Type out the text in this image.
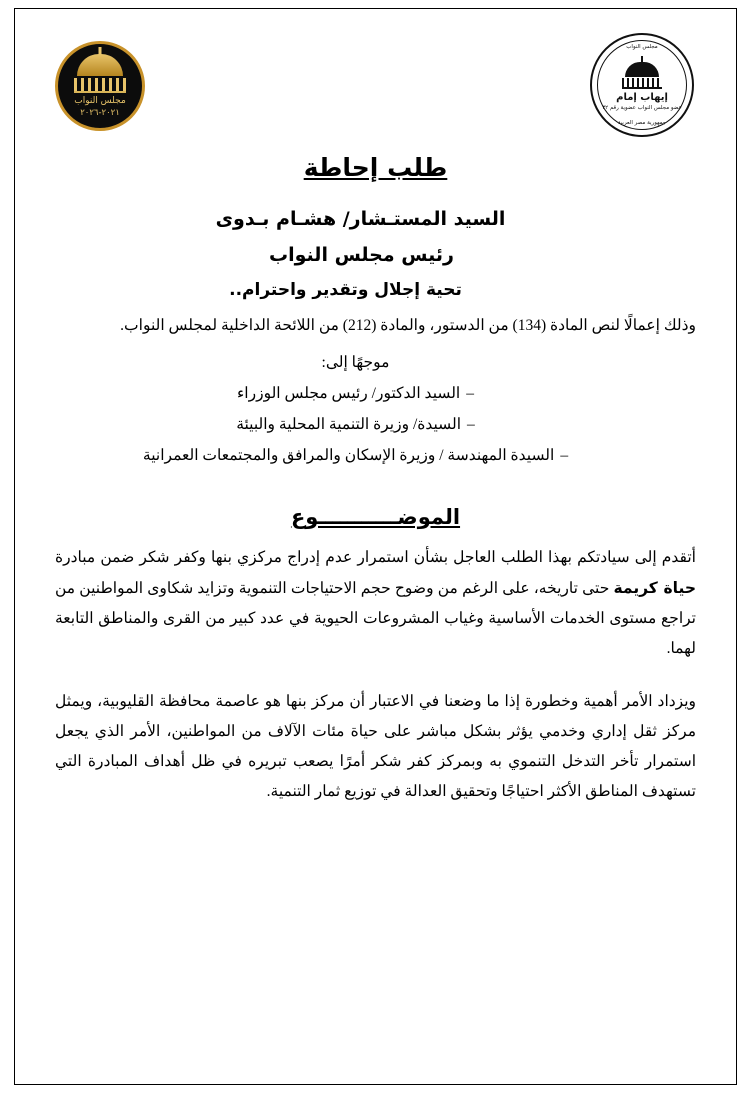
مجلس النواب
٢٠٢١-٢٠٢٦
مجلس النواب
إيهاب إمام
عضو مجلس النواب عضوية رقم ٣٢
جمهورية مصر العربية
طلب إحاطة
السيد المستـشار/ هشـام بـدوى
رئيس مجلس النواب
تحية إجلال وتقدير واحترام..
وذلك إعمالًا لنص المادة (134) من الدستور، والمادة (212) من اللائحة الداخلية لمجلس النواب.
موجهًا إلى:
–السيد الدكتور/ رئيس مجلس الوزراء
–السيدة/ وزيرة التنمية المحلية والبيئة
–السيدة المهندسة / وزيرة الإسكان والمرافق والمجتمعات العمرانية
الموضـــــــــــوع
أتقدم إلى سيادتكم بهذا الطلب العاجل بشأن استمرار عدم إدراج مركزي بنها وكفر شكر ضمن مبادرة حياة كريمة حتى تاريخه، على الرغم من وضوح حجم الاحتياجات التنموية وتزايد شكاوى المواطنين من تراجع مستوى الخدمات الأساسية وغياب المشروعات الحيوية في عدد كبير من القرى والمناطق التابعة لهما.
ويزداد الأمر أهمية وخطورة إذا ما وضعنا في الاعتبار أن مركز بنها هو عاصمة محافظة القليوبية، ويمثل مركز ثقل إداري وخدمي يؤثر بشكل مباشر على حياة مئات الآلاف من المواطنين، الأمر الذي يجعل استمرار تأخر التدخل التنموي به وبمركز كفر شكر أمرًا يصعب تبريره في ظل أهداف المبادرة التي تستهدف المناطق الأكثر احتياجًا وتحقيق العدالة في توزيع ثمار التنمية.
